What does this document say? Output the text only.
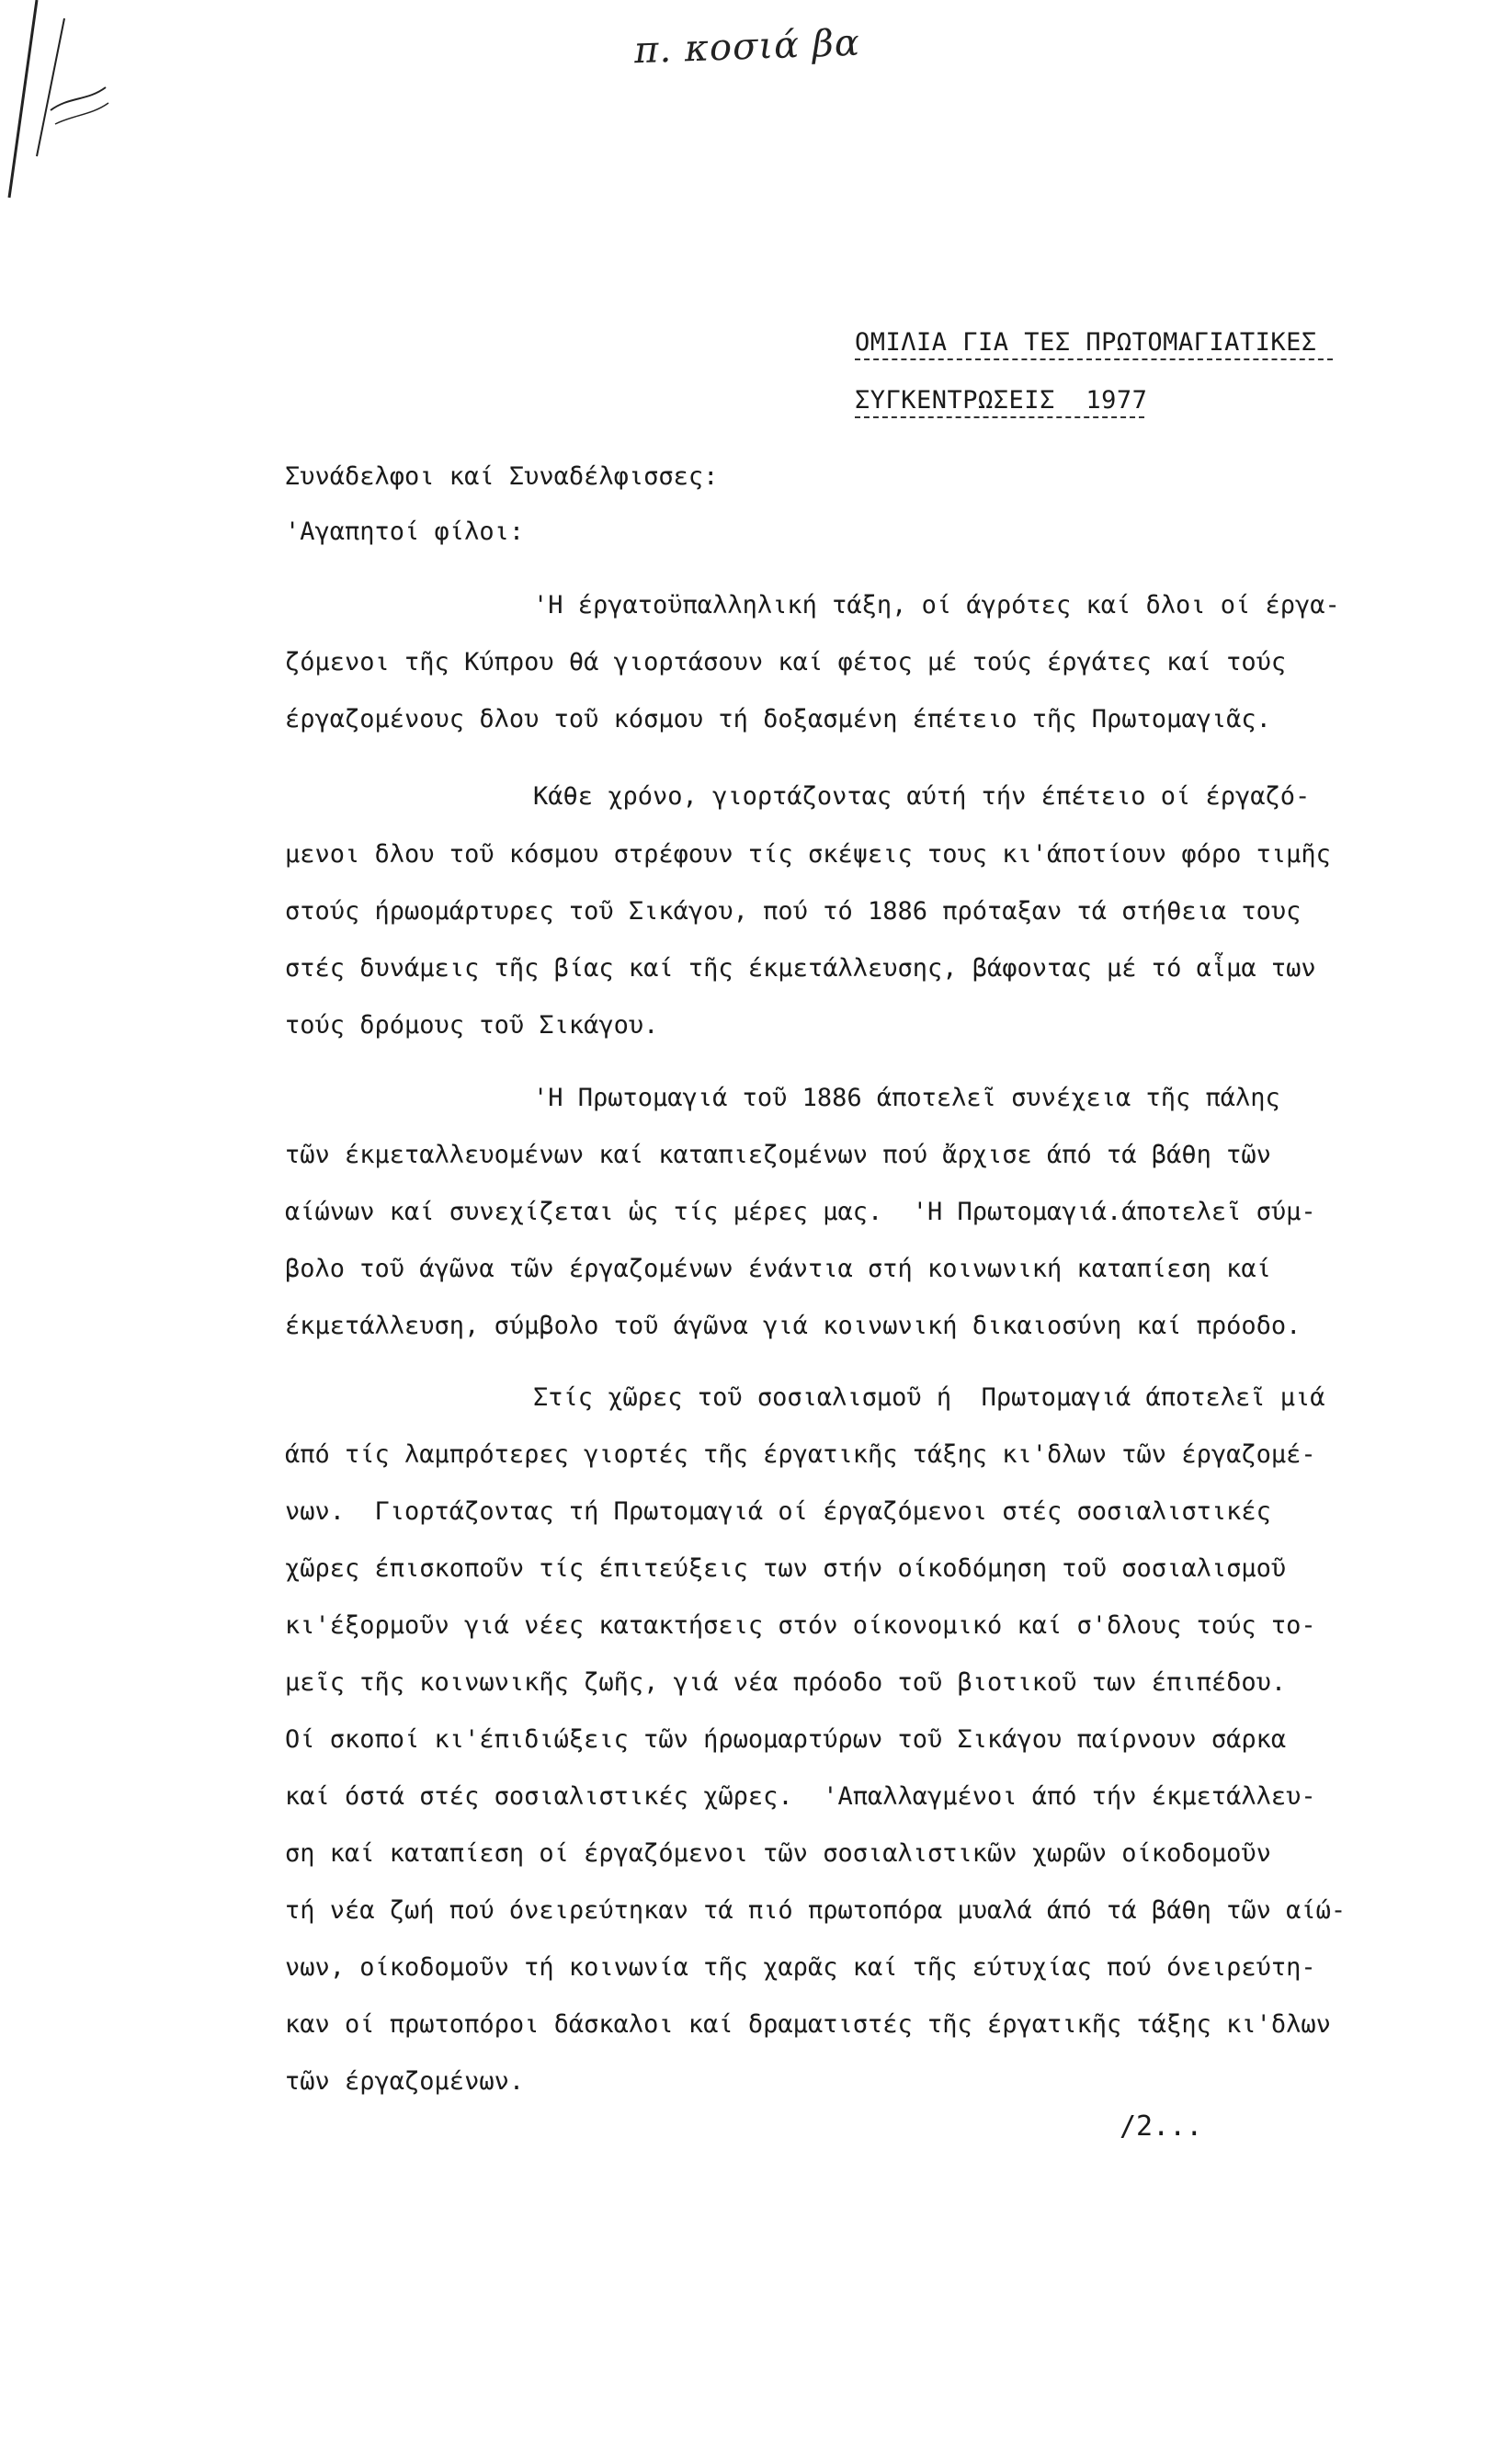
π. κοσιά βα
ΟΜΙΛΙΑ ΓΙΑ ΤΕΣ ΠΡΩΤΟΜΑΓΙΑΤΙΚΕΣ
ΣΥΓΚΕΝΤΡΩΣΕΙΣ  1977
Συνάδελφοι καί Συναδέλφισσες:
'Αγαπητοί φίλοι:
'Η έργατοϋπαλληλική τάξη, οί άγρότες καί δλοι οί έργα-
ζόμενοι τῆς Κύπρου θά γιορτάσουν καί φέτος μέ τούς έργάτες καί τούς
έργαζομένους δλου τοῦ κόσμου τή δοξασμένη έπέτειο τῆς Πρωτομαγιᾶς.
Κάθε χρόνο, γιορτάζοντας αύτή τήν έπέτειο οί έργαζό-
μενοι δλου τοῦ κόσμου στρέφουν τίς σκέψεις τους κι'άποτίουν φόρο τιμῆς
στούς ήρωομάρτυρες τοῦ Σικάγου, πού τό 1886 πρόταξαν τά στήθεια τους
στές δυνάμεις τῆς βίας καί τῆς έκμετάλλευσης, βάφοντας μέ τό αἷμα των
τούς δρόμους τοῦ Σικάγου.
'Η Πρωτομαγιά τοῦ 1886 άποτελεῖ συνέχεια τῆς πάλης
τῶν έκμεταλλευομένων καί καταπιεζομένων πού ἄρχισε άπό τά βάθη τῶν
αίώνων καί συνεχίζεται ὡς τίς μέρες μας.  'Η Πρωτομαγιά.άποτελεῖ σύμ-
βολο τοῦ άγῶνα τῶν έργαζομένων ένάντια στή κοινωνική καταπίεση καί
έκμετάλλευση, σύμβολο τοῦ άγῶνα γιά κοινωνική δικαιοσύνη καί πρόοδο.
Στίς χῶρες τοῦ σοσιαλισμοῦ ή  Πρωτομαγιά άποτελεῖ μιά
άπό τίς λαμπρότερες γιορτές τῆς έργατικῆς τάξης κι'δλων τῶν έργαζομέ-
νων.  Γιορτάζοντας τή Πρωτομαγιά οί έργαζόμενοι στές σοσιαλιστικές
χῶρες έπισκοποῦν τίς έπιτεύξεις των στήν οίκοδόμηση τοῦ σοσιαλισμοῦ
κι'έξορμοῦν γιά νέες κατακτήσεις στόν οίκονομικό καί σ'δλους τούς το-
μεῖς τῆς κοινωνικῆς ζωῆς, γιά νέα πρόοδο τοῦ βιοτικοῦ των έπιπέδου.
Οί σκοποί κι'έπιδιώξεις τῶν ήρωομαρτύρων τοῦ Σικάγου παίρνουν σάρκα
καί όστά στές σοσιαλιστικές χῶρες.  'Απαλλαγμένοι άπό τήν έκμετάλλευ-
ση καί καταπίεση οί έργαζόμενοι τῶν σοσιαλιστικῶν χωρῶν οίκοδομοῦν
τή νέα ζωή πού όνειρεύτηκαν τά πιό πρωτοπόρα μυαλά άπό τά βάθη τῶν αίώ-
νων, οίκοδομοῦν τή κοινωνία τῆς χαρᾶς καί τῆς εύτυχίας πού όνειρεύτη-
καν οί πρωτοπόροι δάσκαλοι καί δραματιστές τῆς έργατικῆς τάξης κι'δλων
τῶν έργαζομένων.
/2...
